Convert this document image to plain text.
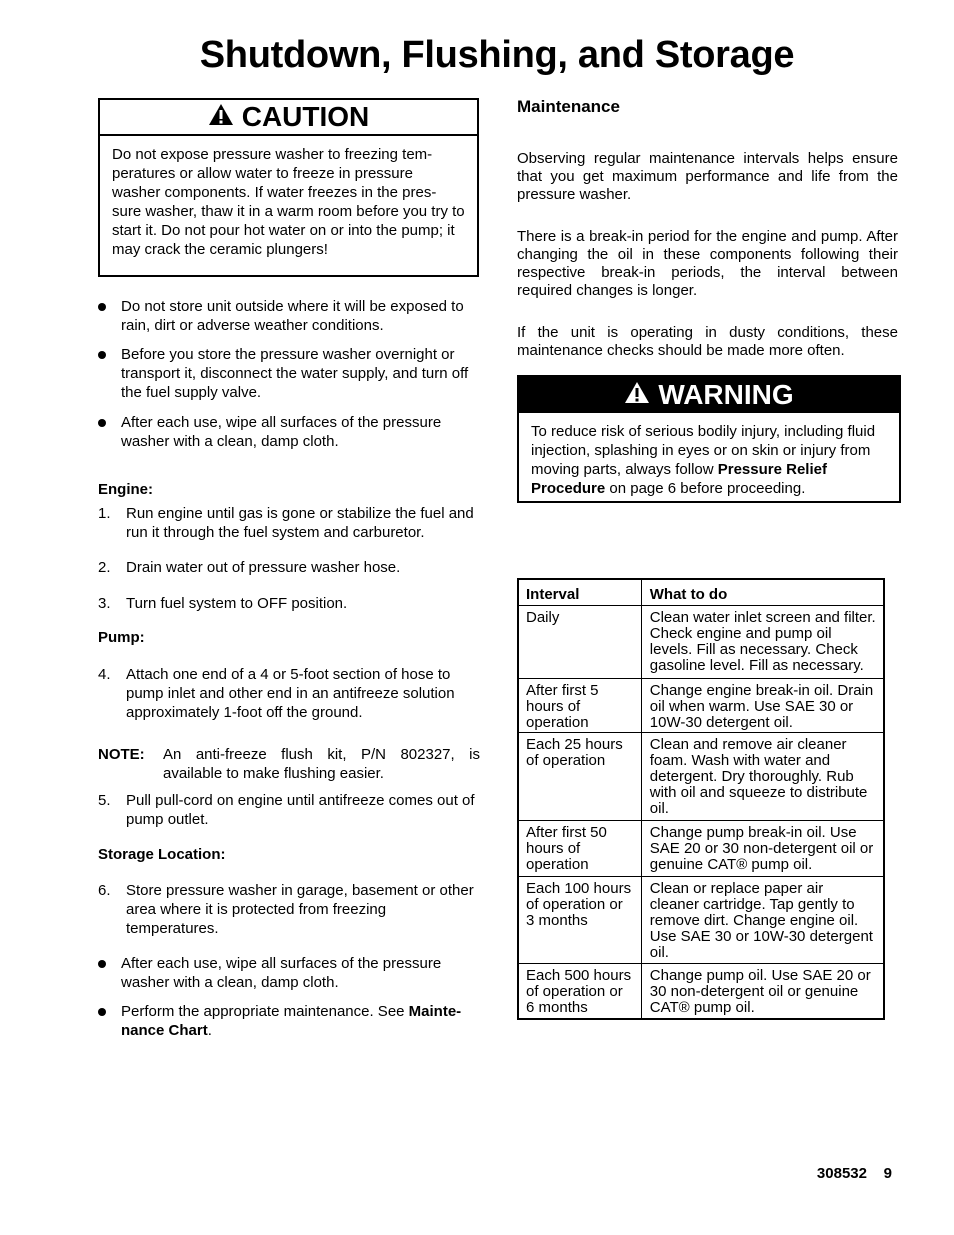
Shutdown, Flushing, and Storage
CAUTION
Do not expose pressure washer to freezing tem-peratures or allow water to freeze in pressure washer components. If water freezes in the pres-sure washer, thaw it in a warm room before you try to start it. Do not pour hot water on or into the pump; it may crack the ceramic plungers!
Do not store unit outside where it will be exposed to rain, dirt or adverse weather conditions.
Before you store the pressure washer overnight or transport it, disconnect the water supply, and turn off the fuel supply valve.
After each use, wipe all surfaces of the pressure washer with a clean, damp cloth.
Engine:
1. Run engine until gas is gone or stabilize the fuel and run it through the fuel system and carburetor.
2. Drain water out of pressure washer hose.
3. Turn fuel system to OFF position.
Pump:
4. Attach one end of a 4 or 5-foot section of hose to pump inlet and other end in an antifreeze solution approximately 1-foot off the ground.
NOTE: An anti-freeze flush kit, P/N 802327, is available to make flushing easier.
5. Pull pull-cord on engine until antifreeze comes out of pump outlet.
Storage Location:
6. Store pressure washer in garage, basement or other area where it is protected from freezing temperatures.
After each use, wipe all surfaces of the pressure washer with a clean, damp cloth.
Perform the appropriate maintenance. See Mainte-nance Chart.
Maintenance
Observing regular maintenance intervals helps ensure that you get maximum performance and life from the pressure washer.
There is a break-in period for the engine and pump. After changing the oil in these components following their respective break-in periods, the interval between required changes is longer.
If the unit is operating in dusty conditions, these maintenance checks should be made more often.
WARNING
To reduce risk of serious bodily injury, including fluid injection, splashing in eyes or on skin or injury from moving parts, always follow Pressure Relief Procedure on page 6 before proceeding.
Interval	What to do
Daily	Clean water inlet screen and filter. Check engine and pump oil levels. Fill as necessary. Check gasoline level. Fill as necessary.
After first 5 hours of operation	Change engine break-in oil. Drain oil when warm. Use SAE 30 or 10W-30 detergent oil.
Each 25 hours of operation	Clean and remove air cleaner foam. Wash with water and detergent. Dry thoroughly. Rub with oil and squeeze to distribute oil.
After first 50 hours of operation	Change pump break-in oil. Use SAE 20 or 30 non-detergent oil or genuine CAT® pump oil.
Each 100 hours of operation or 3 months	Clean or replace paper air cleaner cartridge. Tap gently to remove dirt. Change engine oil. Use SAE 30 or 10W-30 detergent oil.
Each 500 hours of operation or 6 months	Change pump oil. Use SAE 20 or 30 non-detergent oil or genuine CAT® pump oil.
308532 9
